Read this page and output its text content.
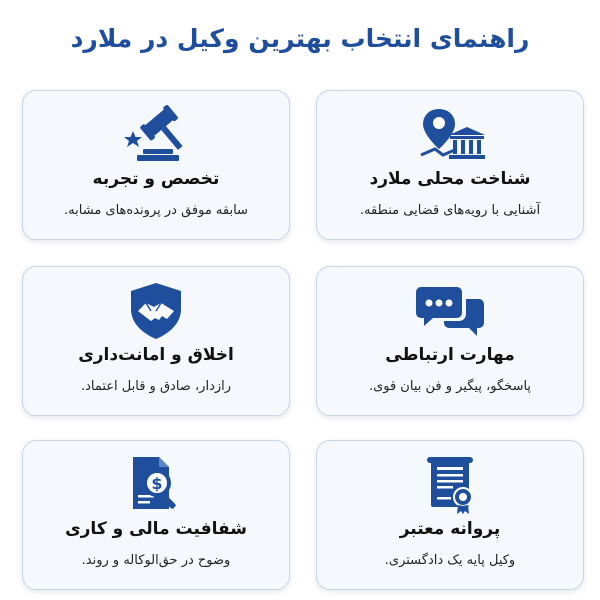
راهنمای انتخاب بهترین وکیل در ملارد
شناخت محلی ملارد
آشنایی با رویه‌های قضایی منطقه.
تخصص و تجربه
سابقه موفق در پرونده‌های مشابه.
مهارت ارتباطی
پاسخگو، پیگیر و فن بیان قوی.
اخلاق و امانت‌داری
رازدار، صادق و قابل اعتماد.
پروانه معتبر
وکیل پایه یک دادگستری.
$
شفافیت مالی و کاری
وضوح در حق‌الوکاله و روند.
